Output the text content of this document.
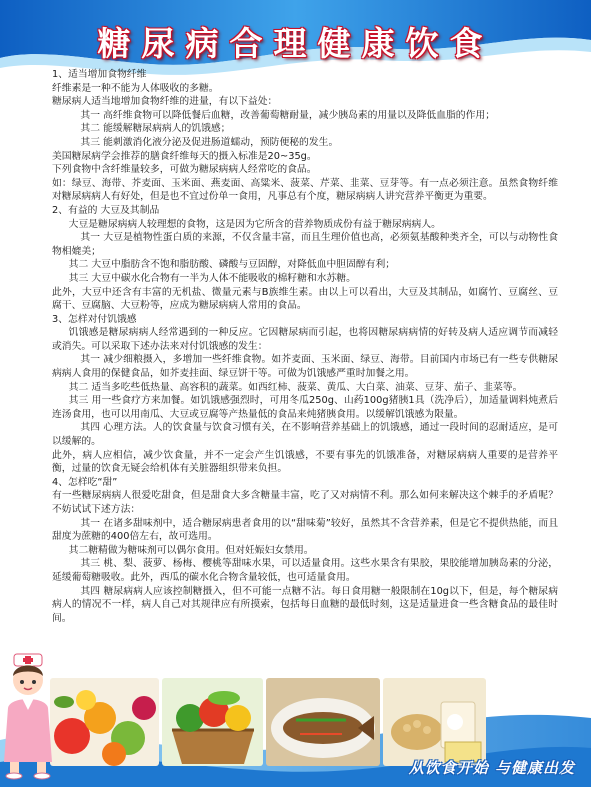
糖尿病合理健康饮食

1、适当增加食物纤维

纤维素是一种不能为人体吸收的多糖。

糖尿病人适当地增加食物纤维的进量，有以下益处：

其一 高纤维食物可以降低餐后血糖，改善葡萄糖耐量，减少胰岛素的用量以及降低血脂的作用；

其二 能缓解糖尿病病人的饥饿感；

其三 能刺激消化液分泌及促进肠道蠕动，预防便秘的发生。

美国糖尿病学会推荐的膳食纤维每天的摄入标准是20~35g。

下列食物中含纤维量较多，可做为糖尿病病人经常吃的食品。

如：绿豆、海带、芥麦面、玉米面、燕麦面、高粱米、菠菜、芹菜、韭菜、豆芽等。有一点必须注意。虽然食物纤维对糖尿病病人有好处，但是也不宜过份单一食用，凡事总有个度，糖尿病病人讲究营养平衡更为重要。

2、有益的 大豆及其制品

大豆是糖尿病病人较理想的食物，这是因为它所含的营养物质成份有益于糖尿病病人。

其一 大豆是植物性蛋白质的来源，不仅含量丰富，而且生理价值也高，必须氨基酸种类齐全，可以与动物性食物相媲美；

其二 大豆中脂肪含不饱和脂肪酸、磷酸与豆固醇，对降低血中胆固醇有利；

其三 大豆中碳水化合物有一半为人体不能吸收的棉籽糖和水苏糖。

此外，大豆中还含有丰富的无机盐、微量元素与B族维生素。由以上可以看出，大豆及其制品，如腐竹、豆腐丝、豆腐干、豆腐脑、大豆粉等，应成为糖尿病病人常用的食品。

3、怎样对付饥饿感

饥饿感是糖尿病病人经常遇到的一种反应。它因糖尿病而引起，也将因糖尿病病情的好转及病人适应调节而减轻或消失。可以采取下述办法来对付饥饿感的发生：

其一 减少细粮摄入，多增加一些纤维食物。如芥麦面、玉米面、绿豆、海带。目前国内市场已有一些专供糖尿病病人食用的保健食品，如芥麦挂面、绿豆饼干等。可做为饥饿感严重时加餐之用。

其二 适当多吃些低热量、高容积的蔬菜。如西红柿、菠菜、黄瓜、大白菜、油菜、豆芽、茄子、韭菜等。

其三 用一些食疗方来加餐。如饥饿感强烈时，可用冬瓜250g、山药100g猪胰1具（洗净后），加适量调料炖煮后连汤食用，也可以用南瓜、大豆或豆腐等产热量低的食品来炖猪胰食用。以缓解饥饿感为限量。

其四 心理方法。人的饮食量与饮食习惯有关，在不影响营养基础上的饥饿感，通过一段时间的忍耐适应，是可以缓解的。

此外，病人应相信，减少饮食量，并不一定会产生饥饿感，不要有事先的饥饿准备，对糖尿病病人重要的是营养平衡，过量的饮食无疑会给机体有关脏器组织带来负担。

4、怎样吃“甜”

有一些糖尿病病人很爱吃甜食，但是甜食大多含糖量丰富，吃了又对病情不利。那么如何来解决这个棘手的矛盾呢？不妨试试下述方法：

其一 在诸多甜味剂中，适合糖尿病患者食用的以“甜味菊”较好，虽然其不含营养素，但是它不提供热能，而且甜度为蔗糖的400倍左右，故可选用。

其二糖精做为糖味剂可以偶尔食用。但对妊娠妇女禁用。

其三 桃、梨、菠萝、杨梅、樱桃等甜味水果，可以适量食用。这些水果含有果胶，果胶能增加胰岛素的分泌，延缓葡萄糖吸收。此外，西瓜的碳水化合物含量较低，也可适量食用。

其四 糖尿病病人应该控制糖摄入，但不可能一点糖不沾。每日食用糖一般限制在10g以下，但是，每个糖尿病病人的情况不一样，病人自己对其规律应有所摸索，包括每日血糖的最低时刻，这是适量进食一些含糖食品的最佳时间。

从饮食开始 与健康出发
